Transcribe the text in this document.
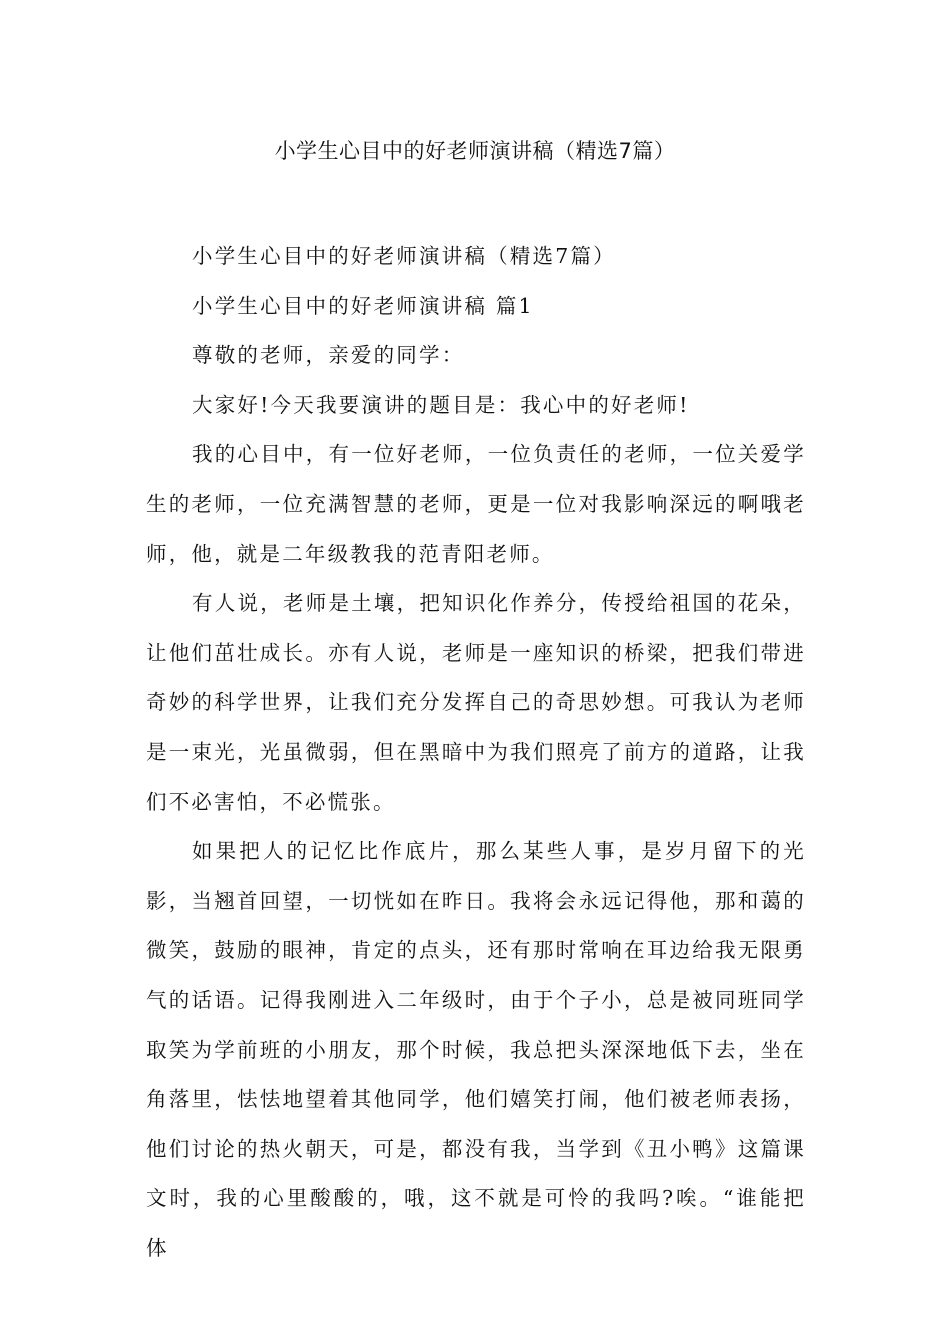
小学生心目中的好老师演讲稿（精选7篇）

小学生心目中的好老师演讲稿（精选7篇）

小学生心目中的好老师演讲稿 篇1

尊敬的老师，亲爱的同学：

大家好!今天我要演讲的题目是：我心中的好老师!

我的心目中，有一位好老师，一位负责任的老师，一位关爱学生的老师，一位充满智慧的老师，更是一位对我影响深远的啊哦老师，他，就是二年级教我的范青阳老师。

有人说，老师是土壤，把知识化作养分，传授给祖国的花朵，让他们茁壮成长。亦有人说，老师是一座知识的桥梁，把我们带进奇妙的科学世界，让我们充分发挥自己的奇思妙想。可我认为老师是一束光，光虽微弱，但在黑暗中为我们照亮了前方的道路，让我们不必害怕，不必慌张。

如果把人的记忆比作底片，那么某些人事，是岁月留下的光影，当翘首回望，一切恍如在昨日。我将会永远记得他，那和蔼的微笑，鼓励的眼神，肯定的点头，还有那时常响在耳边给我无限勇气的话语。记得我刚进入二年级时，由于个子小，总是被同班同学取笑为学前班的小朋友，那个时候，我总把头深深地低下去，坐在角落里，怯怯地望着其他同学，他们嬉笑打闹，他们被老师表扬，他们讨论的热火朝天，可是，都没有我，当学到《丑小鸭》这篇课文时，我的心里酸酸的，哦，这不就是可怜的我吗?唉。“谁能把体
